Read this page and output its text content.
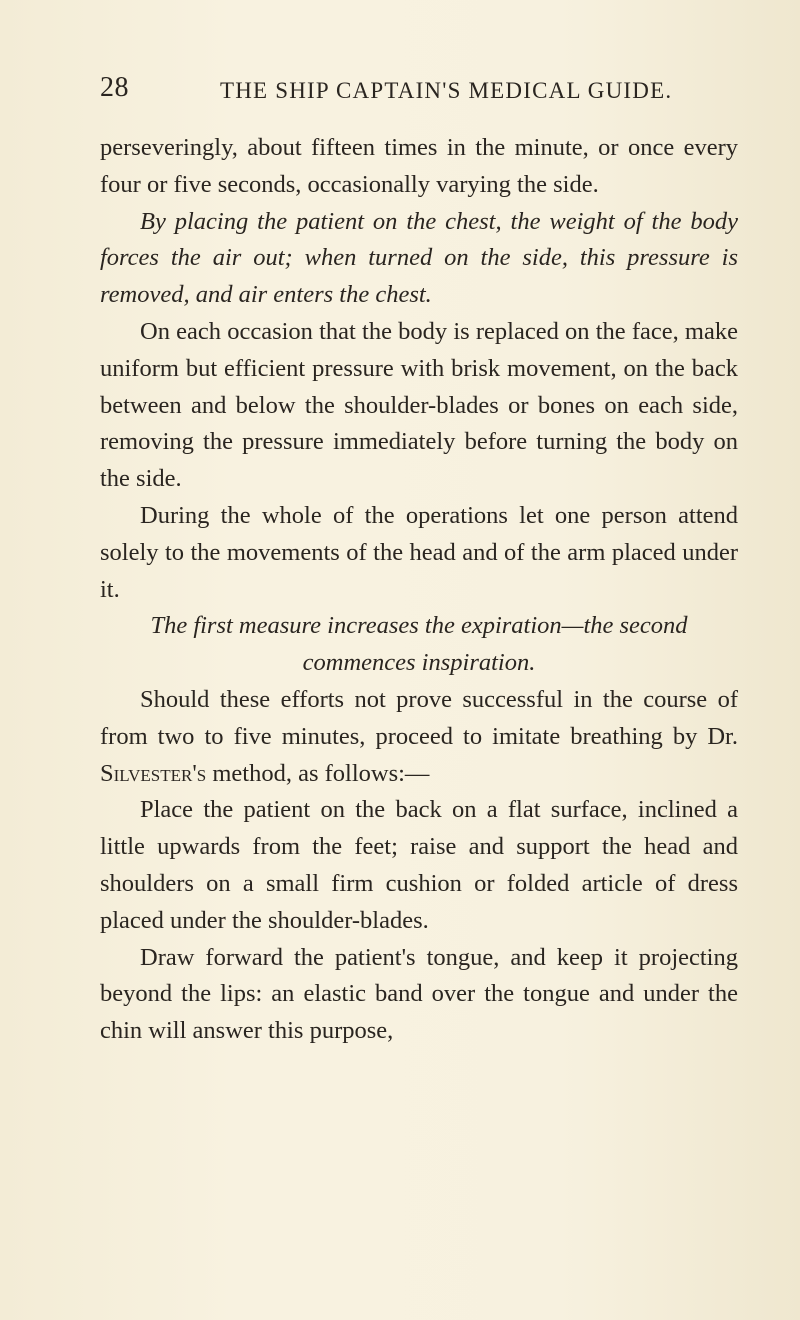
28	THE SHIP CAPTAIN'S MEDICAL GUIDE.

perseveringly, about fifteen times in the minute, or once every four or five seconds, occasionally varying the side.

By placing the patient on the chest, the weight of the body forces the air out; when turned on the side, this pressure is removed, and air enters the chest.

On each occasion that the body is replaced on the face, make uniform but efficient pressure with brisk movement, on the back between and below the shoulder-blades or bones on each side, removing the pressure immediately before turning the body on the side.

During the whole of the operations let one person attend solely to the movements of the head and of the arm placed under it.

The first measure increases the expiration—the second commences inspiration.

Should these efforts not prove successful in the course of from two to five minutes, proceed to imitate breathing by Dr. Silvester's method, as follows:—

Place the patient on the back on a flat surface, inclined a little upwards from the feet; raise and support the head and shoulders on a small firm cushion or folded article of dress placed under the shoulder-blades.

Draw forward the patient's tongue, and keep it projecting beyond the lips: an elastic band over the tongue and under the chin will answer this purpose,
